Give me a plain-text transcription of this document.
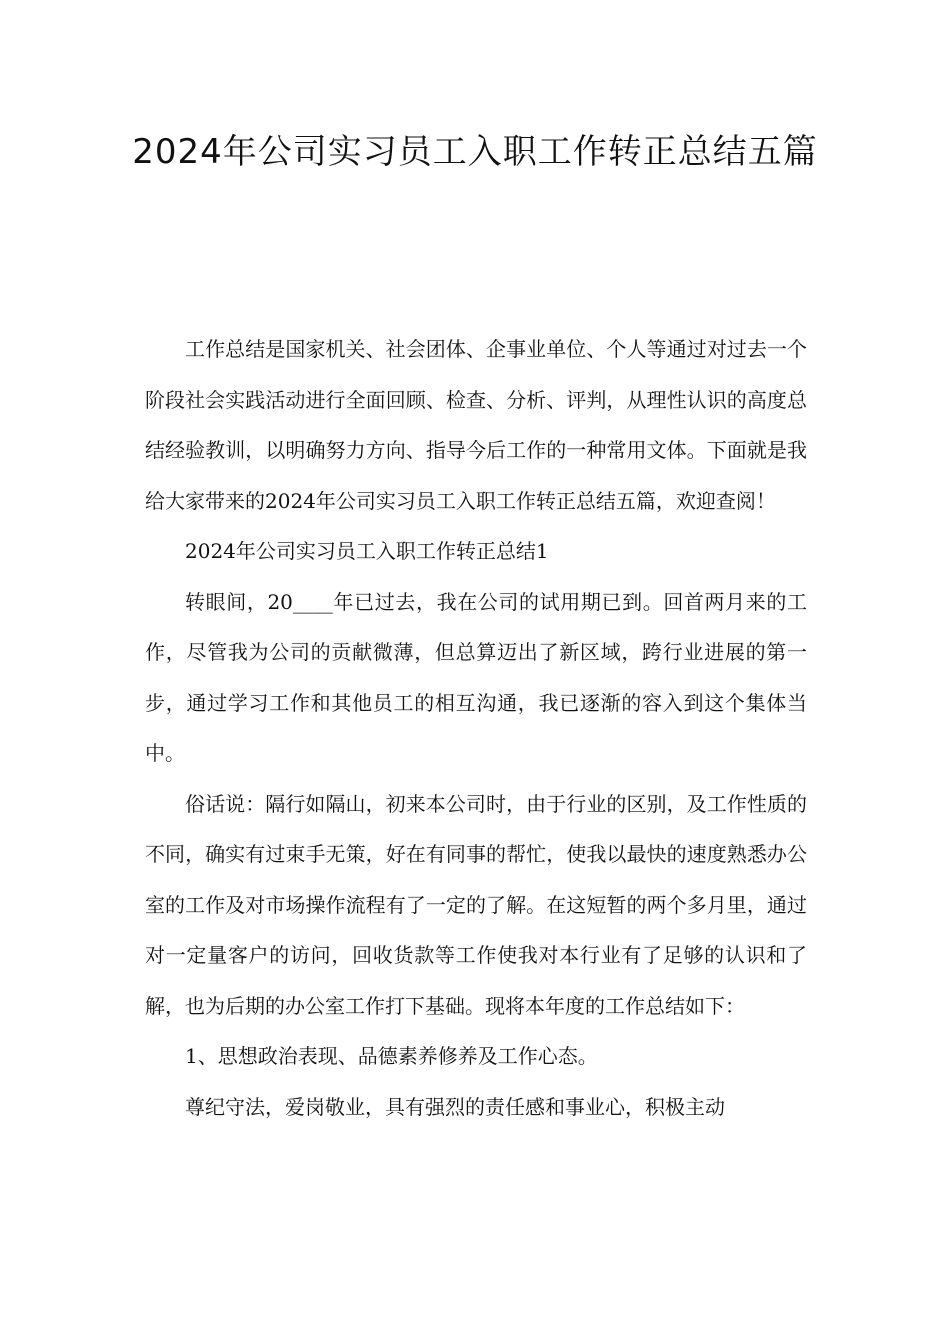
2024年公司实习员工入职工作转正总结五篇

工作总结是国家机关、社会团体、企事业单位、个人等通过对过去一个阶段社会实践活动进行全面回顾、检查、分析、评判，从理性认识的高度总结经验教训，以明确努力方向、指导今后工作的一种常用文体。下面就是我给大家带来的2024年公司实习员工入职工作转正总结五篇，欢迎查阅！

2024年公司实习员工入职工作转正总结1

转眼间，20____年已过去，我在公司的试用期已到。回首两月来的工作，尽管我为公司的贡献微薄，但总算迈出了新区域，跨行业进展的第一步，通过学习工作和其他员工的相互沟通，我已逐渐的容入到这个集体当中。

俗话说：隔行如隔山，初来本公司时，由于行业的区别，及工作性质的不同，确实有过束手无策，好在有同事的帮忙，使我以最快的速度熟悉办公室的工作及对市场操作流程有了一定的了解。在这短暂的两个多月里，通过对一定量客户的访问，回收货款等工作使我对本行业有了足够的认识和了解，也为后期的办公室工作打下基础。现将本年度的工作总结如下：

1、思想政治表现、品德素养修养及工作心态。

尊纪守法，爱岗敬业，具有强烈的责任感和事业心，积极主动
